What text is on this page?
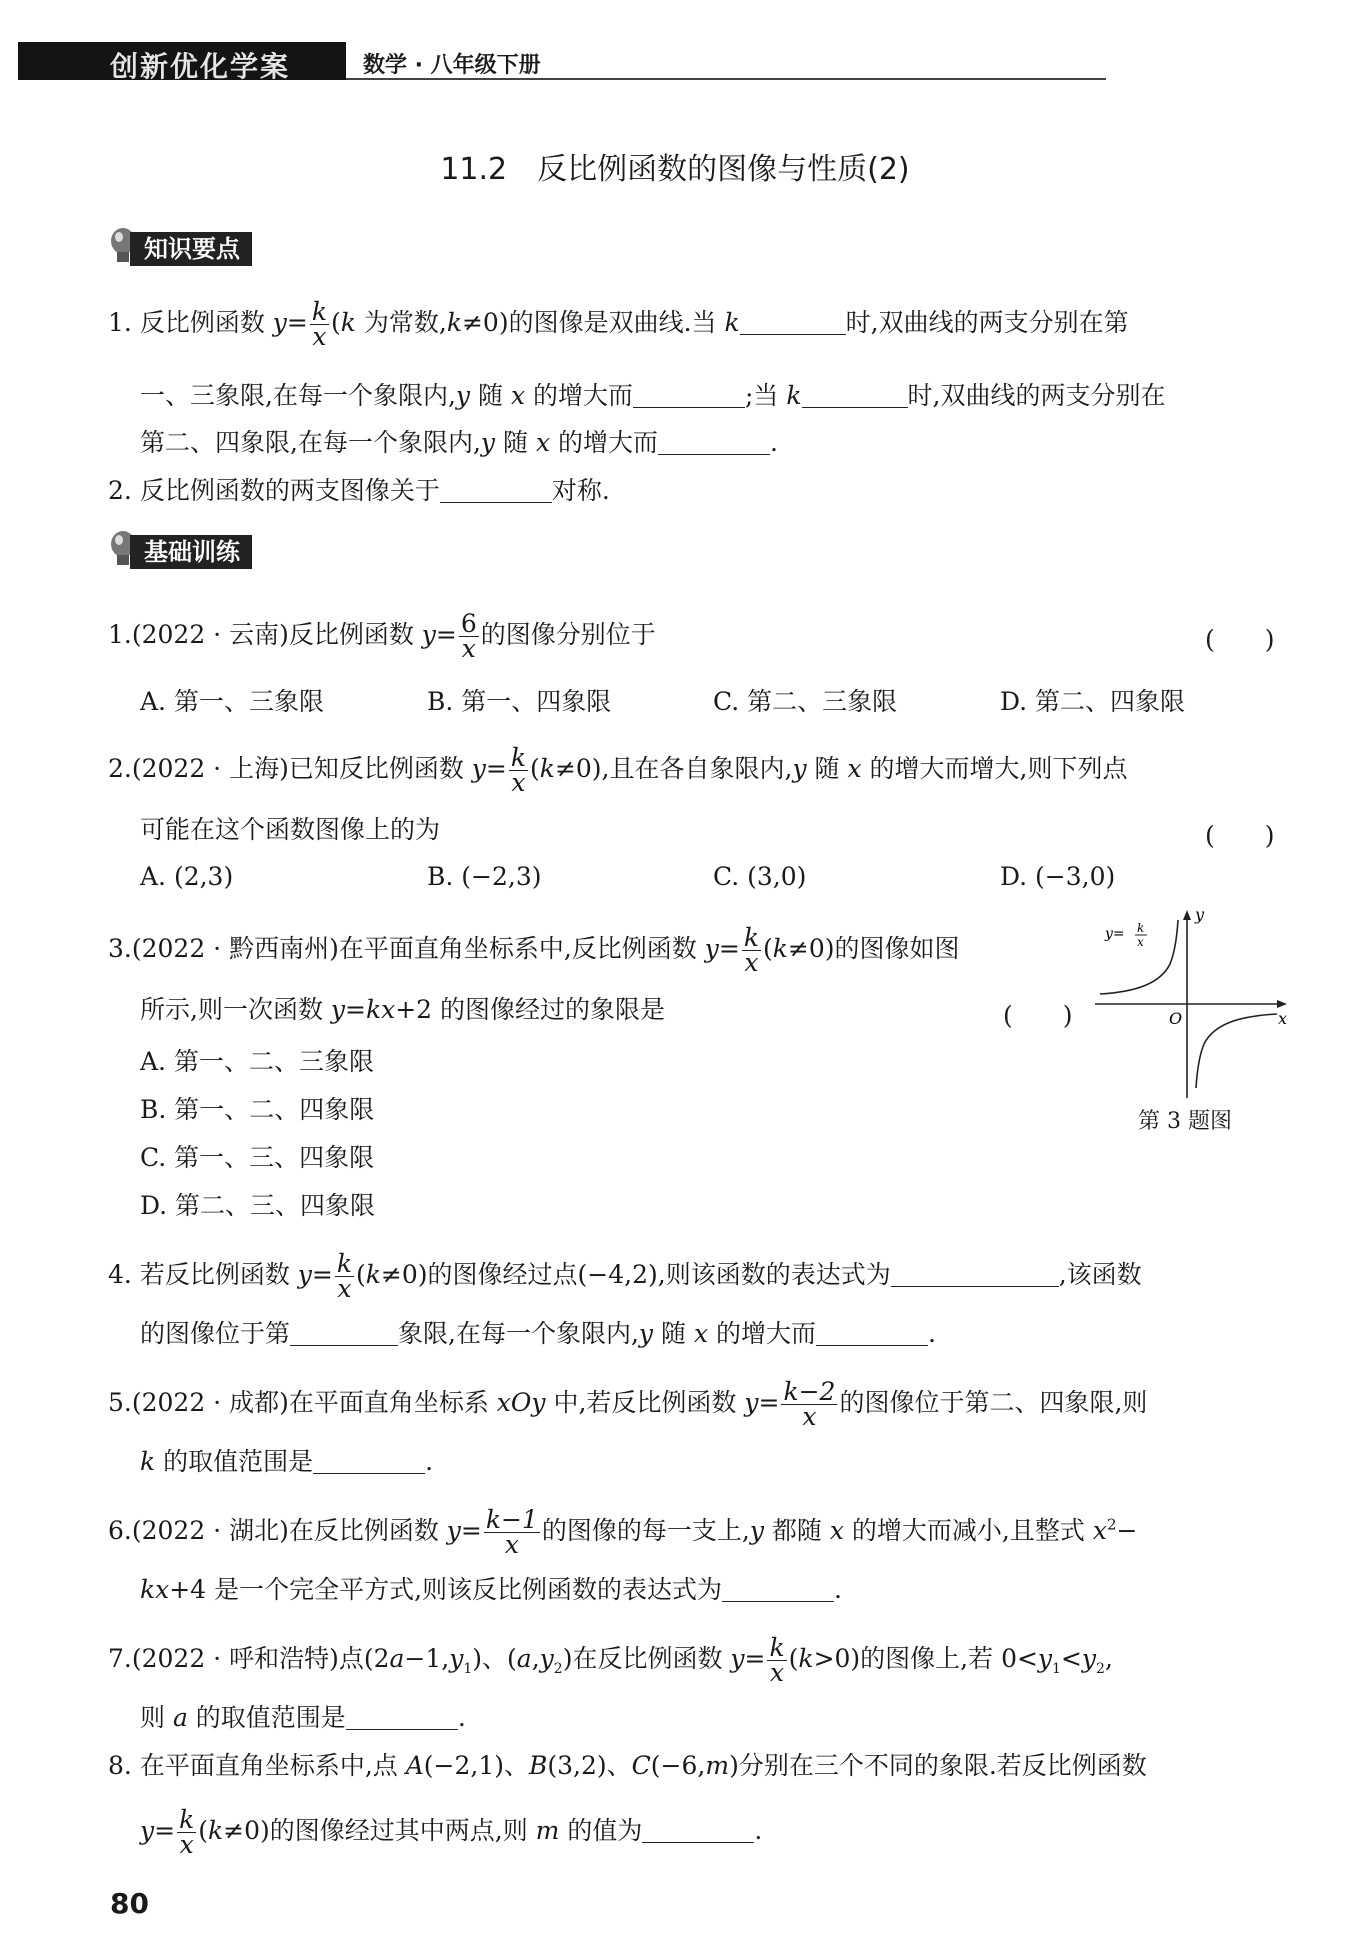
创新优化学案	数学 · 八年级下册
11.2　反比例函数的图像与性质(2)
知识要点
1. 反比例函数 $y= \frac{k}{x} (k$ 为常数,k≠0)的图像是双曲线.当 k	时,双曲线的两支分别在第
一、三象限,在每一个象限内,y 随 x 的增大而	;当 k	时,双曲线的两支分别在
第二、四象限,在每一个象限内,y 随 x 的增大而	.
2. 反比例函数的两支图像关于	对称.
基础训练
1.(2022 · 云南)反比例函数 $y= \frac{6}{x}$ 的图像分别位于	(　　)
A. 第一、三象限	B. 第一、四象限	C. 第二、三象限	D. 第二、四象限
2.(2022 · 上海)已知反比例函数 $y= \frac{k}{x} (k\ne 0)$,且在各自象限内,y 随 x 的增大而增大,则下列点
可能在这个函数图像上的为	(　　)
A. (2,3)	B. (−2,3)	C. (3,0)	D. (−3,0)
3.(2022 · 黔西南州)在平面直角坐标系中,反比例函数 $y= \frac{k}{x} (k\ne 0)$的图像如图
所示,则一次函数 y=kx+2 的图像经过的象限是	(　　)
A. 第一、二、三象限
B. 第一、二、四象限
C. 第一、三、四象限
D. 第二、三、四象限
y
x
O
y= k
x
第 3 题图
4. 若反比例函数 $y= \frac{k}{x} (k\ne 0)$的图像经过点(−4,2),则该函数的表达式为	,该函数
的图像位于第	象限,在每一个象限内,y 随 x 的增大而	.
5.(2022 · 成都)在平面直角坐标系 xOy 中,若反比例函数 $y= \frac{k-2}{x}$ 的图像位于第二、四象限,则
k 的取值范围是	.
6.(2022 · 湖北)在反比例函数 $y= \frac{k-1}{x}$ 的图像的每一支上,y 都随 x 的增大而减小,且整式 $x^2-$
kx+4 是一个完全平方式,则该反比例函数的表达式为	.
7.(2022 · 呼和浩特)点$(2a-1,y_1)$、$(a,y_2)$在反比例函数 $y= \frac{k}{x} (k>0)$的图像上,若 $0<y_1<y_2$,
则 a 的取值范围是	.
8. 在平面直角坐标系中,点 A(−2,1)、B(3,2)、C(−6,m)分别在三个不同的象限.若反比例函数
$y= \frac{k}{x} (k\ne 0)$的图像经过其中两点,则 m 的值为	.
80
